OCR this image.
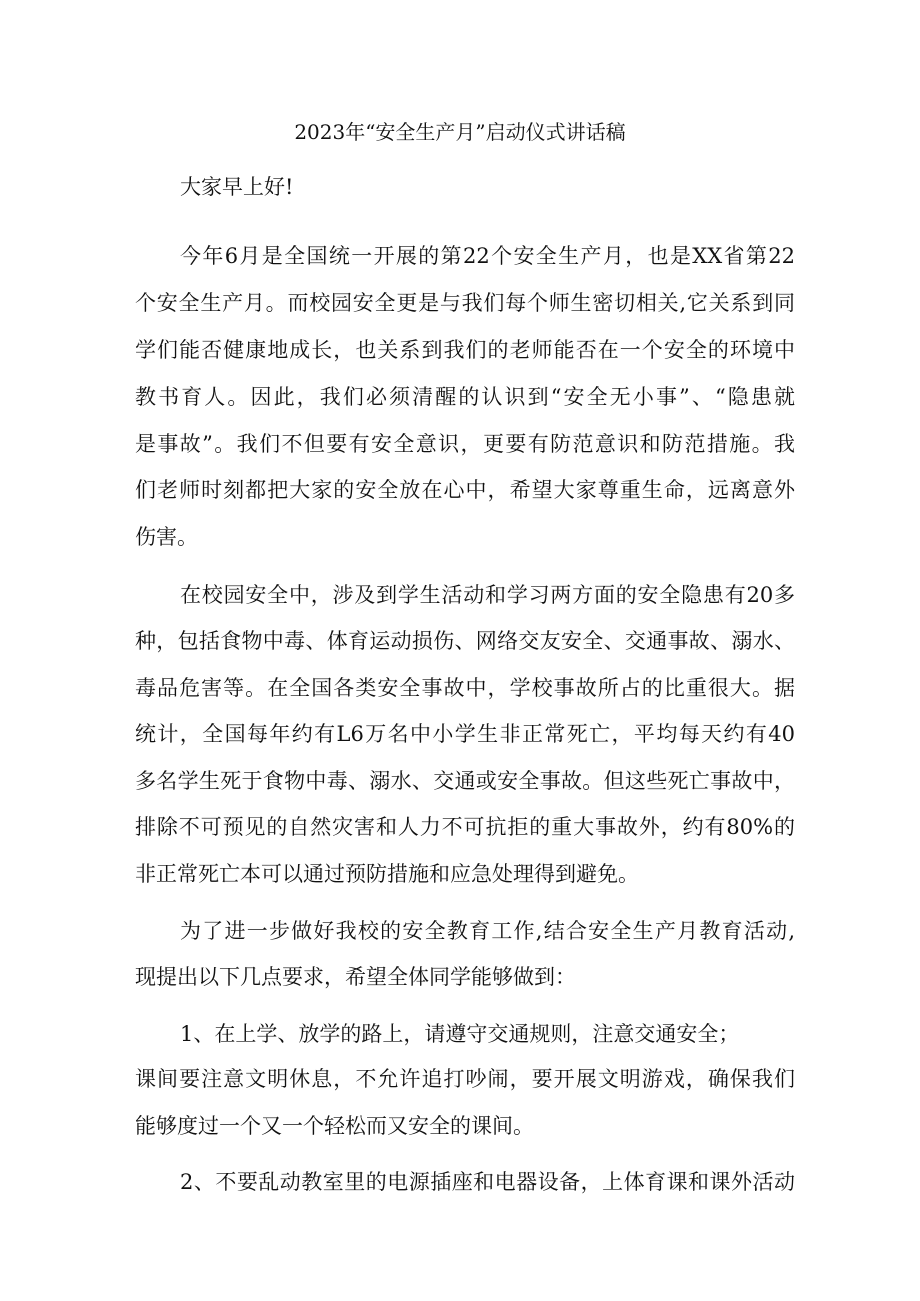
2023年“安全生产月”启动仪式讲话稿
大家早上好!
今年6月是全国统一开展的第22个安全生产月，也是XX省第22
个安全生产月。而校园安全更是与我们每个师生密切相关,它关系到同
学们能否健康地成长，也关系到我们的老师能否在一个安全的环境中
教书育人。因此，我们必须清醒的认识到“安全无小事”、“隐患就
是事故”。我们不但要有安全意识，更要有防范意识和防范措施。我
们老师时刻都把大家的安全放在心中，希望大家尊重生命，远离意外
伤害。
在校园安全中，涉及到学生活动和学习两方面的安全隐患有20多
种，包括食物中毒、体育运动损伤、网络交友安全、交通事故、溺水、
毒品危害等。在全国各类安全事故中，学校事故所占的比重很大。据
统计，全国每年约有L6万名中小学生非正常死亡，平均每天约有40
多名学生死于食物中毒、溺水、交通或安全事故。但这些死亡事故中，
排除不可预见的自然灾害和人力不可抗拒的重大事故外，约有80%的
非正常死亡本可以通过预防措施和应急处理得到避免。
为了进一步做好我校的安全教育工作,结合安全生产月教育活动,
现提出以下几点要求，希望全体同学能够做到：
1、在上学、放学的路上，请遵守交通规则，注意交通安全；
课间要注意文明休息，不允许追打吵闹，要开展文明游戏，确保我们
能够度过一个又一个轻松而又安全的课间。
2、不要乱动教室里的电源插座和电器设备，上体育课和课外活动
